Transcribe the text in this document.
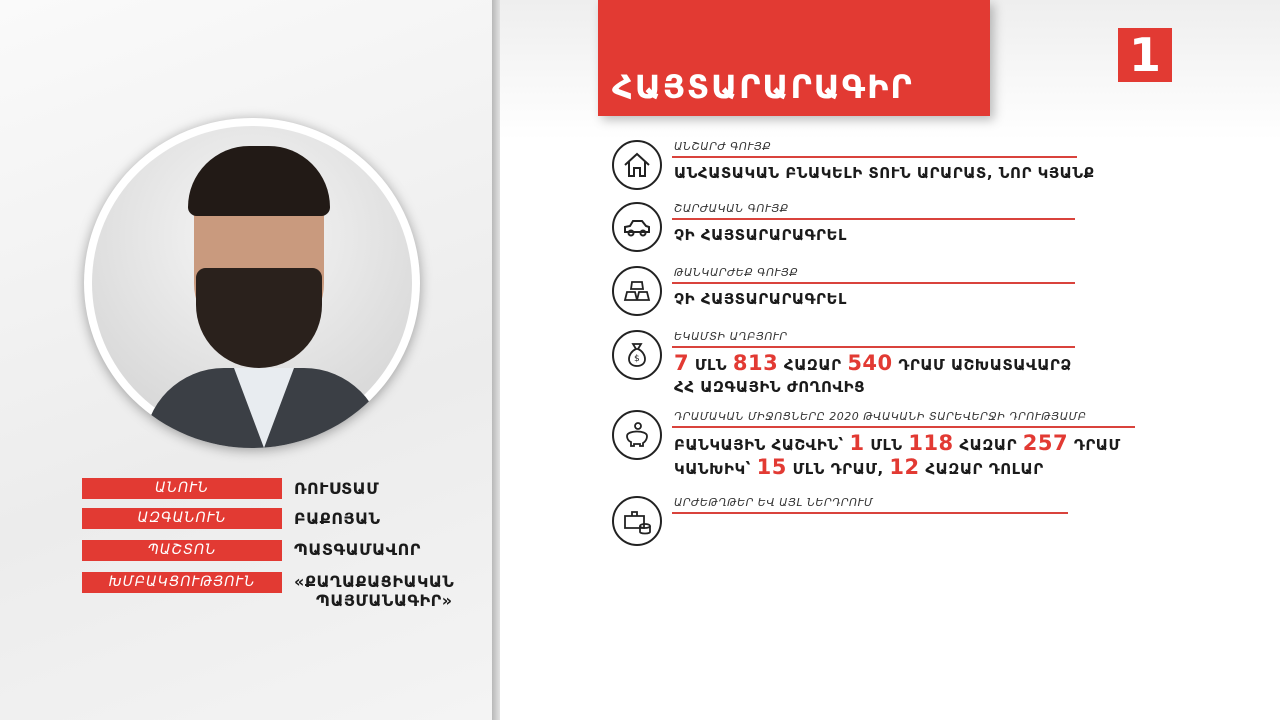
ԱՆՈՒՆ	ՌՈՒՍՏԱՄ
ԱԶԳԱՆՈՒՆ	ԲԱՔՈՅԱՆ
ՊԱՇՏՈՆ	ՊԱՏԳԱՄԱՎՈՐ
ԽՄԲԱԿՑՈՒԹՅՈՒՆ	«ՔԱՂԱՔԱՑԻԱԿԱՆ
ՊԱՅՄԱՆԱԳԻՐ»
ՀԱՅՏԱՐԱՐԱԳԻՐ
1
ԱՆՇԱՐԺ ԳՈՒՅՔ
ԱՆՀԱՏԱԿԱՆ ԲՆԱԿԵԼԻ ՏՈՒՆ ԱՐԱՐԱՏ, ՆՈՐ ԿՅԱՆՔ
ՇԱՐԺԱԿԱՆ ԳՈՒՅՔ
ՉԻ ՀԱՅՏԱՐԱՐԱԳՐԵԼ
ԹԱՆԿԱՐԺԵՔ ԳՈՒՅՔ
ՉԻ ՀԱՅՏԱՐԱՐԱԳՐԵԼ
$
ԵԿԱՄՏԻ ԱՂԲՅՈՒՐ
7 ՄԼՆ 813 ՀԱԶԱՐ 540 ԴՐԱՄ ԱՇԽԱՏԱՎԱՐՁ
ՀՀ ԱԶԳԱՅԻՆ ԺՈՂՈՎԻՑ
ԴՐԱՄԱԿԱՆ ՄԻՋՈՑՆԵՐԸ 2020 ԹՎԱԿԱՆԻ ՏԱՐԵՎԵՐՋԻ ԴՐՈՒԹՅԱՄԲ
ԲԱՆԿԱՅԻՆ ՀԱՇՎԻՆ՝ 1 ՄԼՆ 118 ՀԱԶԱՐ 257 ԴՐԱՄ
ԿԱՆԽԻԿ՝ 15 ՄԼՆ ԴՐԱՄ, 12 ՀԱԶԱՐ ԴՈԼԱՐ
ԱՐԺԵԹՂԹԵՐ ԵՎ ԱՅԼ ՆԵՐԴՐՈՒՄ
